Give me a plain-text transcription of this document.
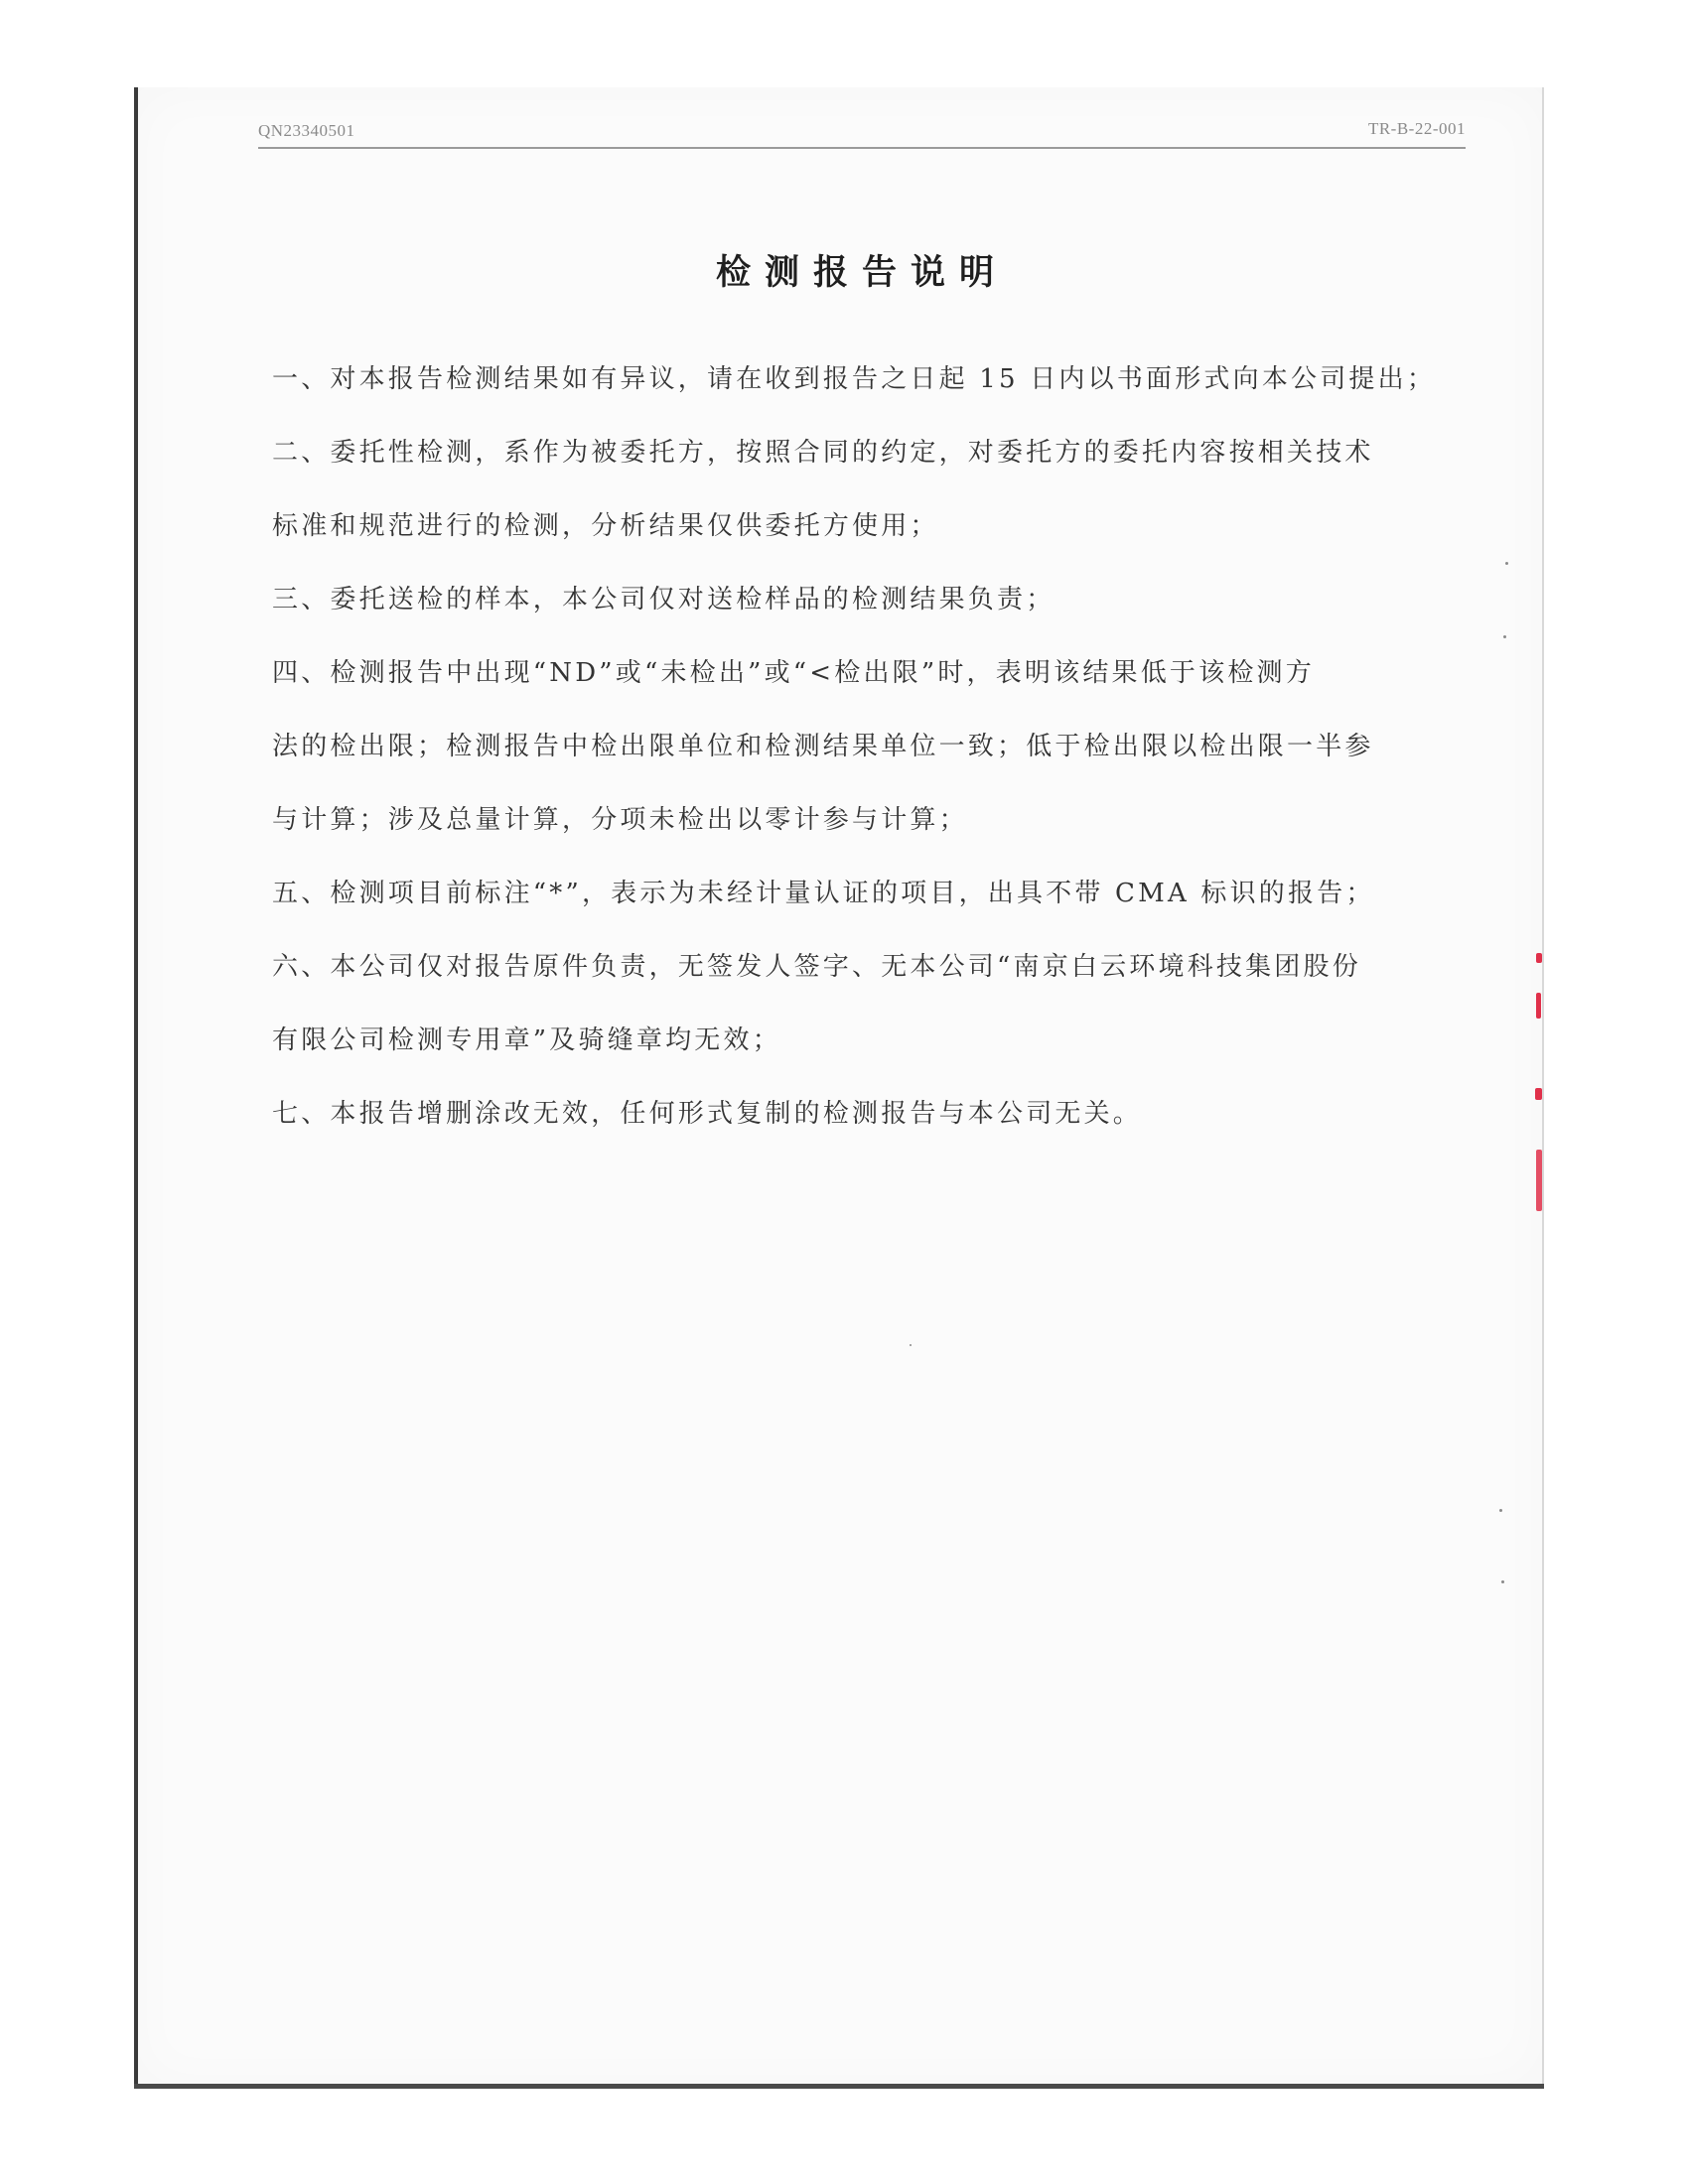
QN23340501	TR-B-22-001
检测报告说明
一、对本报告检测结果如有异议，请在收到报告之日起 15 日内以书面形式向本公司提出；
二、委托性检测，系作为被委托方，按照合同的约定，对委托方的委托内容按相关技术
标准和规范进行的检测，分析结果仅供委托方使用；
三、委托送检的样本，本公司仅对送检样品的检测结果负责；
四、检测报告中出现“ND”或“未检出”或“<检出限”时，表明该结果低于该检测方
法的检出限；检测报告中检出限单位和检测结果单位一致；低于检出限以检出限一半参
与计算；涉及总量计算，分项未检出以零计参与计算；
五、检测项目前标注“*”，表示为未经计量认证的项目，出具不带 CMA 标识的报告；
六、本公司仅对报告原件负责，无签发人签字、无本公司“南京白云环境科技集团股份
有限公司检测专用章”及骑缝章均无效；
七、本报告增删涂改无效，任何形式复制的检测报告与本公司无关。
